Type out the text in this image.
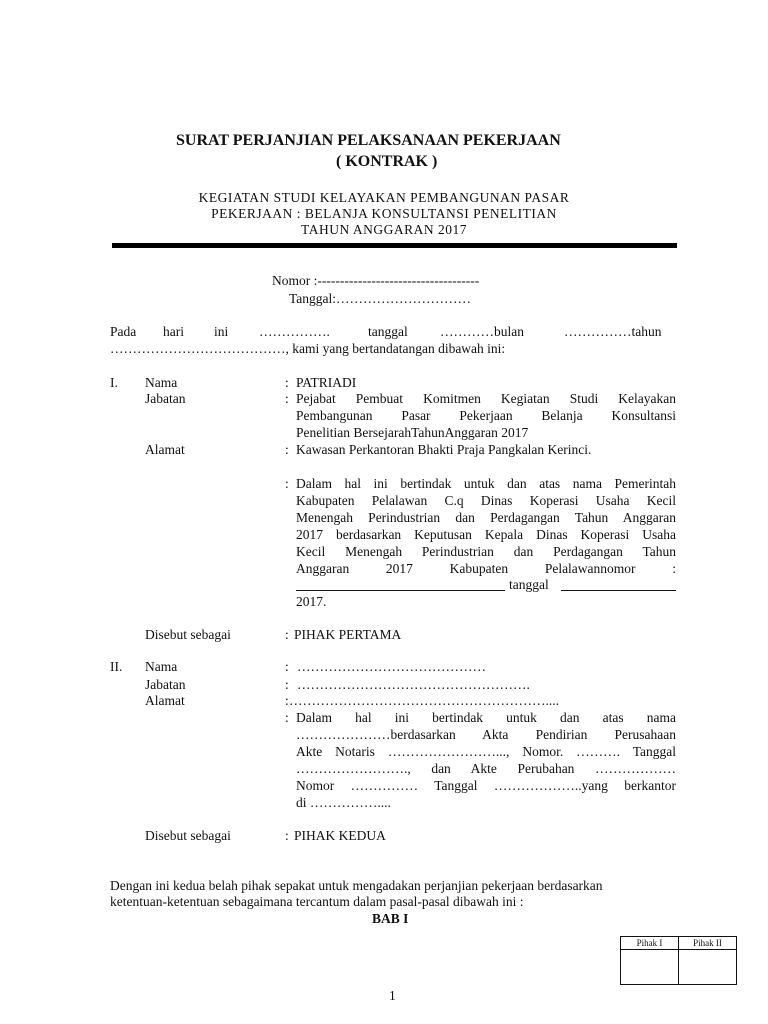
SURAT PERJANJIAN PELAKSANAAN PEKERJAAN
( KONTRAK )
KEGIATAN STUDI KELAYAKAN PEMBANGUNAN PASAR
PEKERJAAN : BELANJA KONSULTANSI PENELITIAN
TAHUN ANGGARAN 2017
Nomor :------------------------------------
Tanggal:…………………………
Pada hari ini …………….	tanggal …………bulan	……………tahun
…………………………………, kami yang bertandatangan dibawah ini:
I. Nama	: PATRIADI
Jabatan	: Pejabat Pembuat Komitmen Kegiatan Studi Kelayakan
Pembangunan Pasar Pekerjaan Belanja Konsultansi
Penelitian BersejarahTahunAnggaran 2017
Alamat	: Kawasan Perkantoran Bhakti Praja Pangkalan Kerinci.
: Dalam hal ini bertindak untuk dan atas nama Pemerintah
Kabupaten Pelalawan C.q Dinas Koperasi Usaha Kecil
Menengah Perindustrian dan Perdagangan Tahun Anggaran
2017 berdasarkan Keputusan Kepala Dinas Koperasi Usaha
Kecil Menengah Perindustrian dan Perdagangan Tahun
Anggaran 2017 Kabupaten Pelalawannomor :
tanggal
2017.
Disebut sebagai	: PIHAK PERTAMA
II. Nama	: ……………………………………
Jabatan	: …………………………………………….
Alamat	: …………………………………………………....
: Dalam hal ini bertindak untuk dan atas nama
…………………berdasarkan Akta Pendirian Perusahaan
Akte Notaris ……………………..., Nomor. ………. Tanggal
……………………., dan Akte Perubahan ………………
Nomor …………… Tanggal ………………..yang berkantor
di ……………....
Disebut sebagai	: PIHAK KEDUA
Dengan ini kedua belah pihak sepakat untuk mengadakan perjanjian pekerjaan berdasarkan
ketentuan-ketentuan sebagaimana tercantum dalam pasal-pasal dibawah ini :
BAB I
Pihak I	Pihak II

1
